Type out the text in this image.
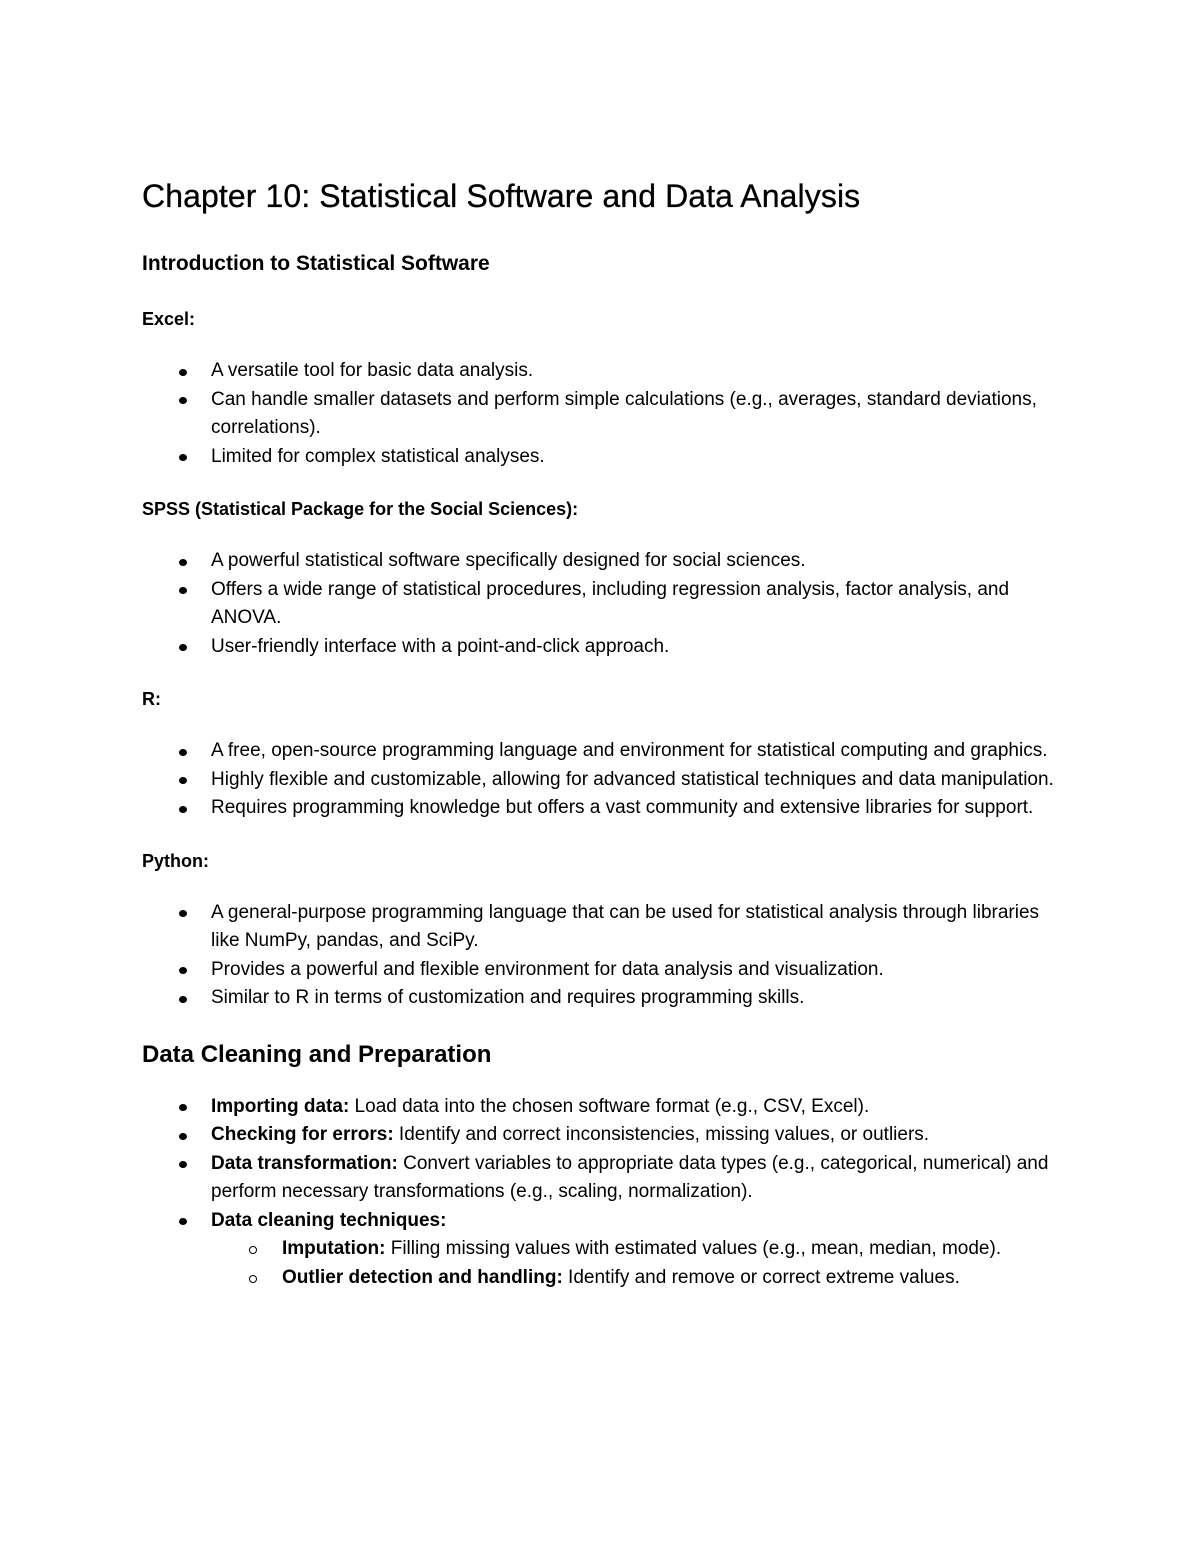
Chapter 10: Statistical Software and Data Analysis
Introduction to Statistical Software
Excel:
A versatile tool for basic data analysis.
Can handle smaller datasets and perform simple calculations (e.g., averages, standard deviations, correlations).
Limited for complex statistical analyses.
SPSS (Statistical Package for the Social Sciences):
A powerful statistical software specifically designed for social sciences.
Offers a wide range of statistical procedures, including regression analysis, factor analysis, and ANOVA.
User-friendly interface with a point-and-click approach.
R:
A free, open-source programming language and environment for statistical computing and graphics.
Highly flexible and customizable, allowing for advanced statistical techniques and data manipulation.
Requires programming knowledge but offers a vast community and extensive libraries for support.
Python:
A general-purpose programming language that can be used for statistical analysis through libraries like NumPy, pandas, and SciPy.
Provides a powerful and flexible environment for data analysis and visualization.
Similar to R in terms of customization and requires programming skills.
Data Cleaning and Preparation
Importing data: Load data into the chosen software format (e.g., CSV, Excel).
Checking for errors: Identify and correct inconsistencies, missing values, or outliers.
Data transformation: Convert variables to appropriate data types (e.g., categorical, numerical) and perform necessary transformations (e.g., scaling, normalization).
Data cleaning techniques:
Imputation: Filling missing values with estimated values (e.g., mean, median, mode).
Outlier detection and handling: Identify and remove or correct extreme values.
